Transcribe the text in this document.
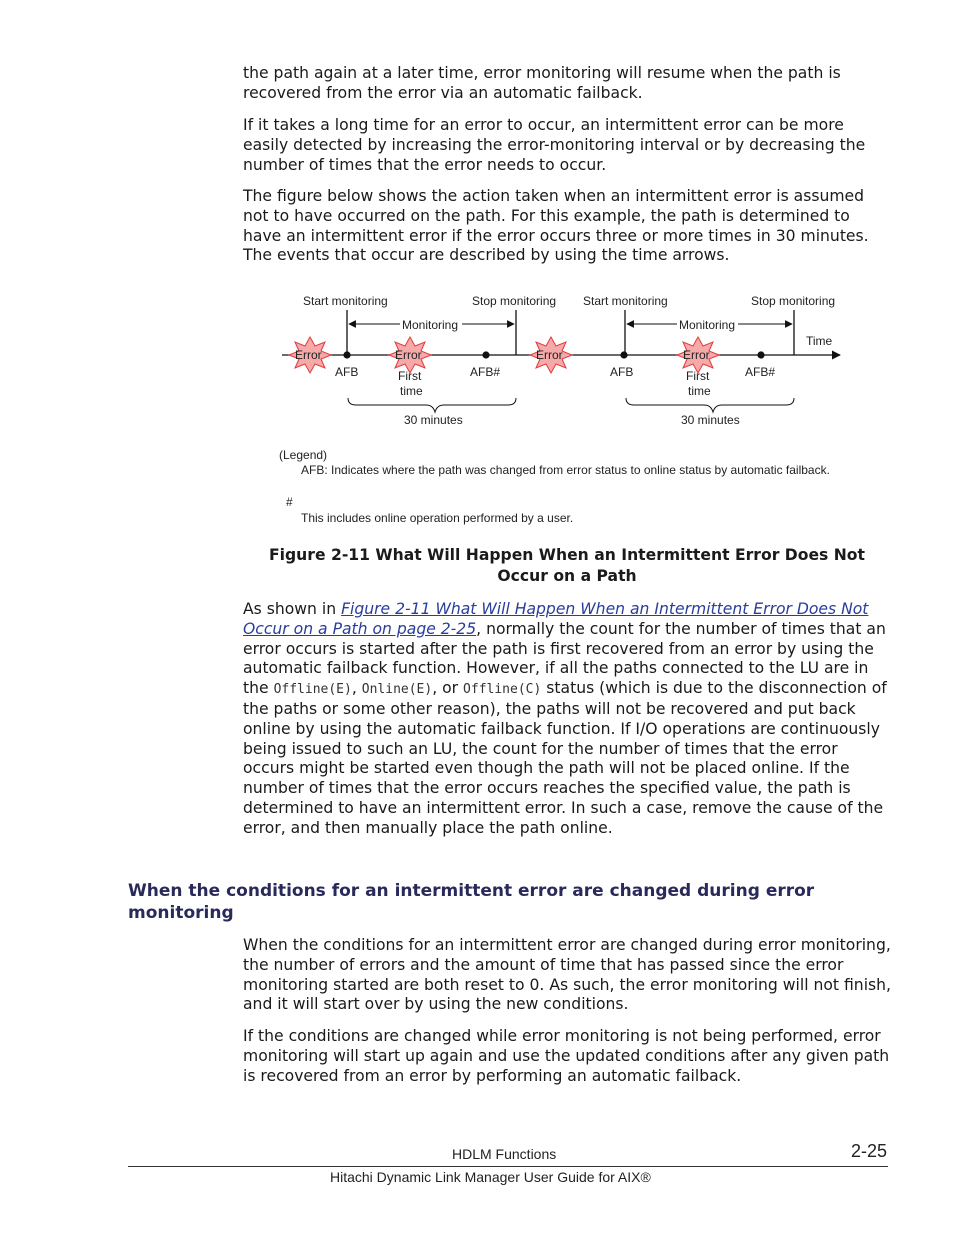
the path again at a later time, error monitoring will resume when the path is recovered from the error via an automatic failback.

If it takes a long time for an error to occur, an intermittent error can be more easily detected by increasing the error-monitoring interval or by decreasing the number of times that the error needs to occur.

The figure below shows the action taken when an intermittent error is assumed not to have occurred on the path. For this example, the path is determined to have an intermittent error if the error occurs three or more times in 30 minutes. The events that occur are described by using the time arrows.

Time
Start monitoring	Stop monitoring Start monitoring	Stop monitoring
Monitoring	Monitoring
Error	Error	Error	Error
AFB	AFB#	AFB	AFB#
First
time
First
time
30 minutes	30 minutes
(Legend)
AFB: Indicates where the path was changed from error status to online status by automatic failback.
#
This includes online operation performed by a user.

Figure 2-11 What Will Happen When an Intermittent Error Does Not Occur on a Path

As shown in Figure 2-11 What Will Happen When an Intermittent Error Does Not Occur on a Path on page 2-25, normally the count for the number of times that an error occurs is started after the path is first recovered from an error by using the automatic failback function. However, if all the paths connected to the LU are in the Offline(E), Online(E), or Offline(C) status (which is due to the disconnection of the paths or some other reason), the paths will not be recovered and put back online by using the automatic failback function. If I/O operations are continuously being issued to such an LU, the count for the number of times that the error occurs might be started even though the path will not be placed online. If the number of times that the error occurs reaches the specified value, the path is determined to have an intermittent error. In such a case, remove the cause of the error, and then manually place the path online.

When the conditions for an intermittent error are changed during error monitoring

When the conditions for an intermittent error are changed during error monitoring, the number of errors and the amount of time that has passed since the error monitoring started are both reset to 0. As such, the error monitoring will not finish, and it will start over by using the new conditions.

If the conditions are changed while error monitoring is not being performed, error monitoring will start up again and use the updated conditions after any given path is recovered from an error by performing an automatic failback.

HDLM Functions	2-25
Hitachi Dynamic Link Manager User Guide for AIX®
